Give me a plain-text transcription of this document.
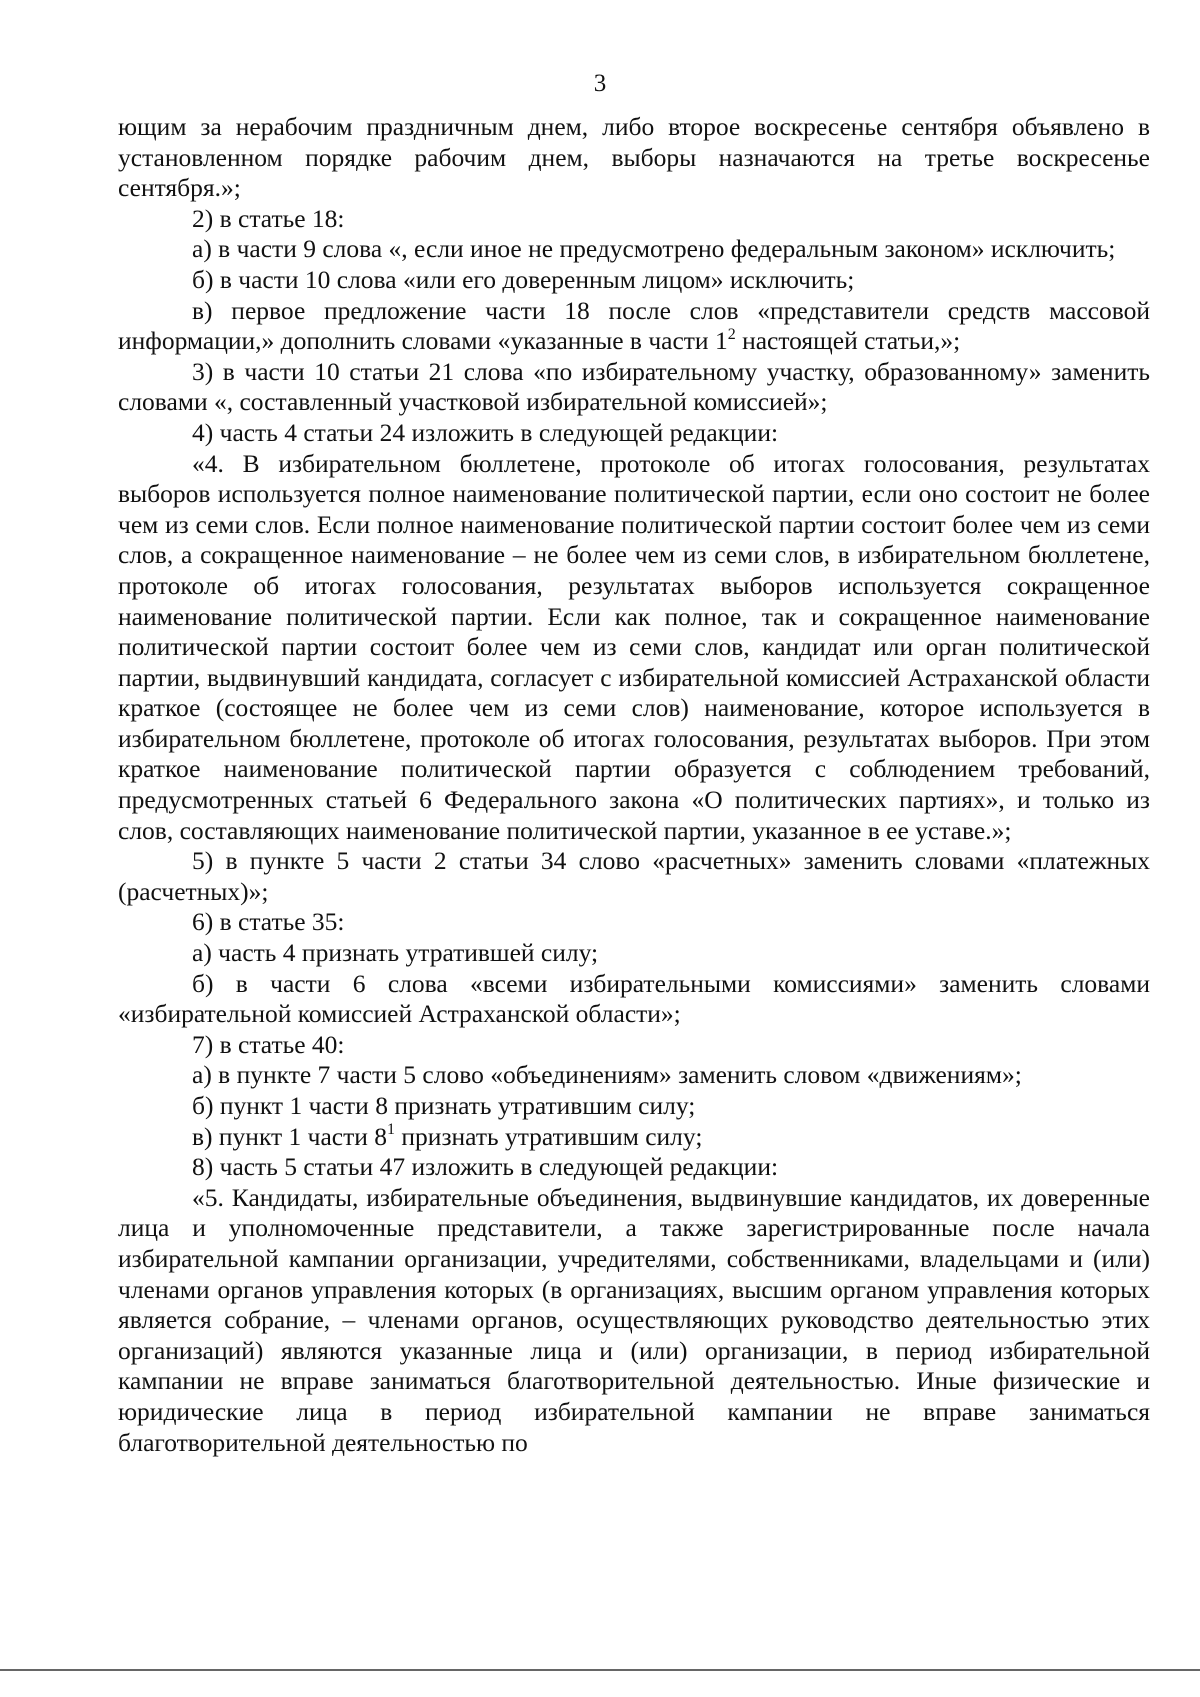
3

ющим за нерабочим праздничным днем, либо второе воскресенье сентября объявлено в установленном порядке рабочим днем, выборы назначаются на третье воскресенье сентября.»;

2) в статье 18:

а) в части 9 слова «, если иное не предусмотрено федеральным законом» исключить;

б) в части 10 слова «или его доверенным лицом» исключить;

в) первое предложение части 18 после слов «представители средств массовой информации,» дополнить словами «указанные в части $1^2$ настоящей статьи,»;

3) в части 10 статьи 21 слова «по избирательному участку, образованному» заменить словами «, составленный участковой избирательной комиссией»;

4) часть 4 статьи 24 изложить в следующей редакции:

«4. В избирательном бюллетене, протоколе об итогах голосования, результатах выборов используется полное наименование политической партии, если оно состоит не более чем из семи слов. Если полное наименование политической партии состоит более чем из семи слов, а сокращенное наименование – не более чем из семи слов, в избирательном бюллетене, протоколе об итогах голосования, результатах выборов используется сокращенное наименование политической партии. Если как полное, так и сокращенное наименование политической партии состоит более чем из семи слов, кандидат или орган политической партии, выдвинувший кандидата, согласует с избирательной комиссией Астраханской области краткое (состоящее не более чем из семи слов) наименование, которое используется в избирательном бюллетене, протоколе об итогах голосования, результатах выборов. При этом краткое наименование политической партии образуется с соблюдением требований, предусмотренных статьей 6 Федерального закона «О политических партиях», и только из слов, составляющих наименование политической партии, указанное в ее уставе.»;

5) в пункте 5 части 2 статьи 34 слово «расчетных» заменить словами «платежных (расчетных)»;

6) в статье 35:

а) часть 4 признать утратившей силу;

б) в части 6 слова «всеми избирательными комиссиями» заменить словами «избирательной комиссией Астраханской области»;

7) в статье 40:

а) в пункте 7 части 5 слово «объединениям» заменить словом «движениям»;

б) пункт 1 части 8 признать утратившим силу;

в) пункт 1 части $8^1$ признать утратившим силу;

8) часть 5 статьи 47 изложить в следующей редакции:

«5. Кандидаты, избирательные объединения, выдвинувшие кандидатов, их доверенные лица и уполномоченные представители, а также зарегистрированные после начала избирательной кампании организации, учредителями, собственниками, владельцами и (или) членами органов управления которых (в организациях, высшим органом управления которых является собрание, – членами органов, осуществляющих руководство деятельностью этих организаций) являются указанные лица и (или) организации, в период избирательной кампании не вправе заниматься благотворительной деятельностью. Иные физические и юридические лица в период избирательной кампании не вправе заниматься благотворительной деятельностью по
